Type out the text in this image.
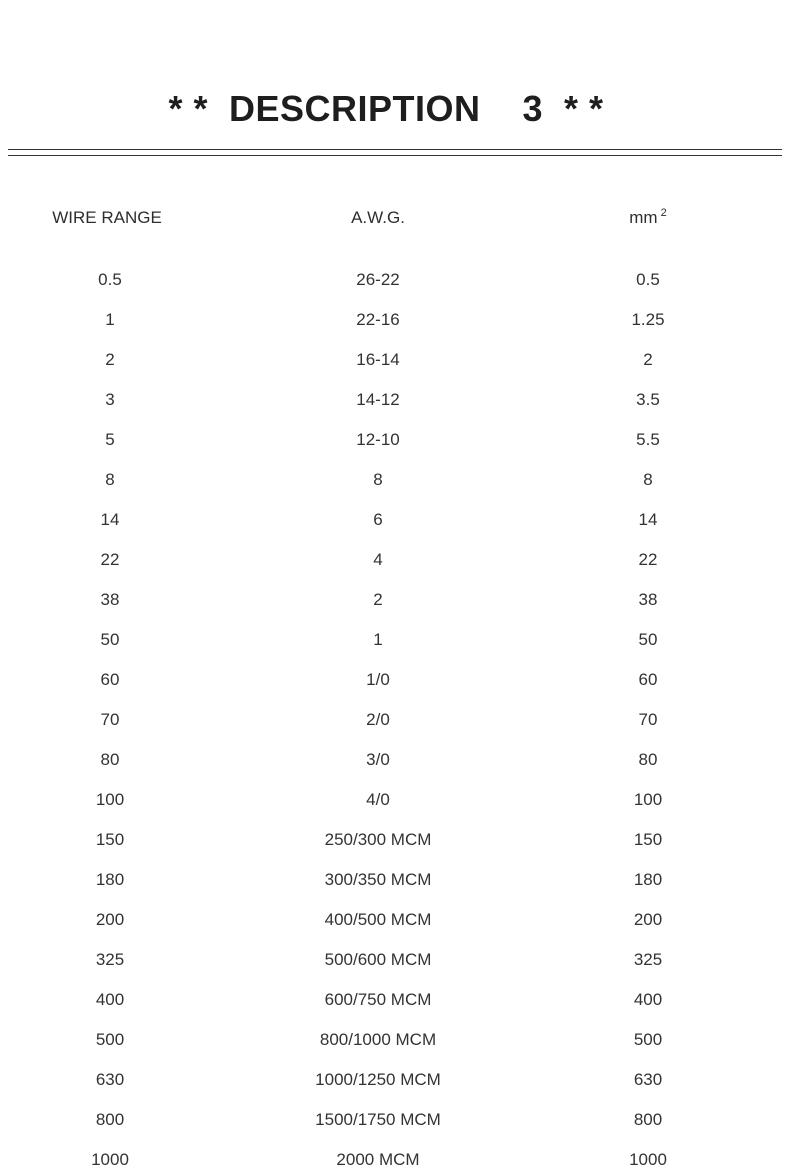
* *  DESCRIPTION    3  * *
WIRE RANGE	A.W.G.	mm $^2$
0.5	26-22	0.5
1	22-16	1.25
2	16-14	2
3	14-12	3.5
5	12-10	5.5
8	8	8
14	6	14
22	4	22
38	2	38
50	1	50
60	1/0	60
70	2/0	70
80	3/0	80
100	4/0	100
150	250/300 MCM	150
180	300/350 MCM	180
200	400/500 MCM	200
325	500/600 MCM	325
400	600/750 MCM	400
500	800/1000 MCM	500
630	1000/1250 MCM	630
800	1500/1750 MCM	800
1000	2000 MCM	1000
